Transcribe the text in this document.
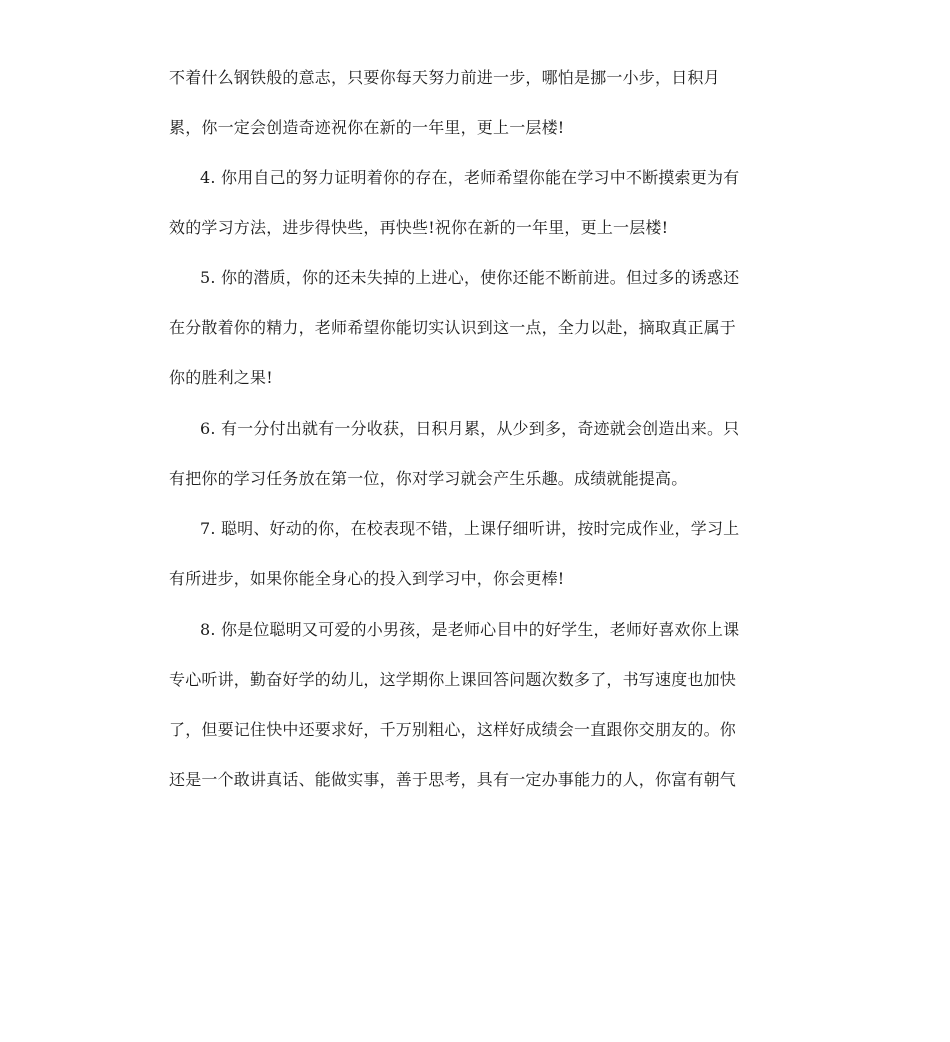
不着什么钢铁般的意志，只要你每天努力前进一步，哪怕是挪一小步，日积月
累，你一定会创造奇迹祝你在新的一年里，更上一层楼!
4. 你用自己的努力证明着你的存在，老师希望你能在学习中不断摸索更为有
效的学习方法，进步得快些，再快些!祝你在新的一年里，更上一层楼!
5. 你的潜质，你的还未失掉的上进心，使你还能不断前进。但过多的诱惑还
在分散着你的精力，老师希望你能切实认识到这一点，全力以赴，摘取真正属于
你的胜利之果!
6. 有一分付出就有一分收获，日积月累，从少到多，奇迹就会创造出来。只
有把你的学习任务放在第一位，你对学习就会产生乐趣。成绩就能提高。
7. 聪明、好动的你，在校表现不错，上课仔细听讲，按时完成作业，学习上
有所进步，如果你能全身心的投入到学习中，你会更棒!
8. 你是位聪明又可爱的小男孩，是老师心目中的好学生，老师好喜欢你上课
专心听讲，勤奋好学的幼儿，这学期你上课回答问题次数多了，书写速度也加快
了，但要记住快中还要求好，千万别粗心，这样好成绩会一直跟你交朋友的。你
还是一个敢讲真话、能做实事，善于思考，具有一定办事能力的人，你富有朝气
